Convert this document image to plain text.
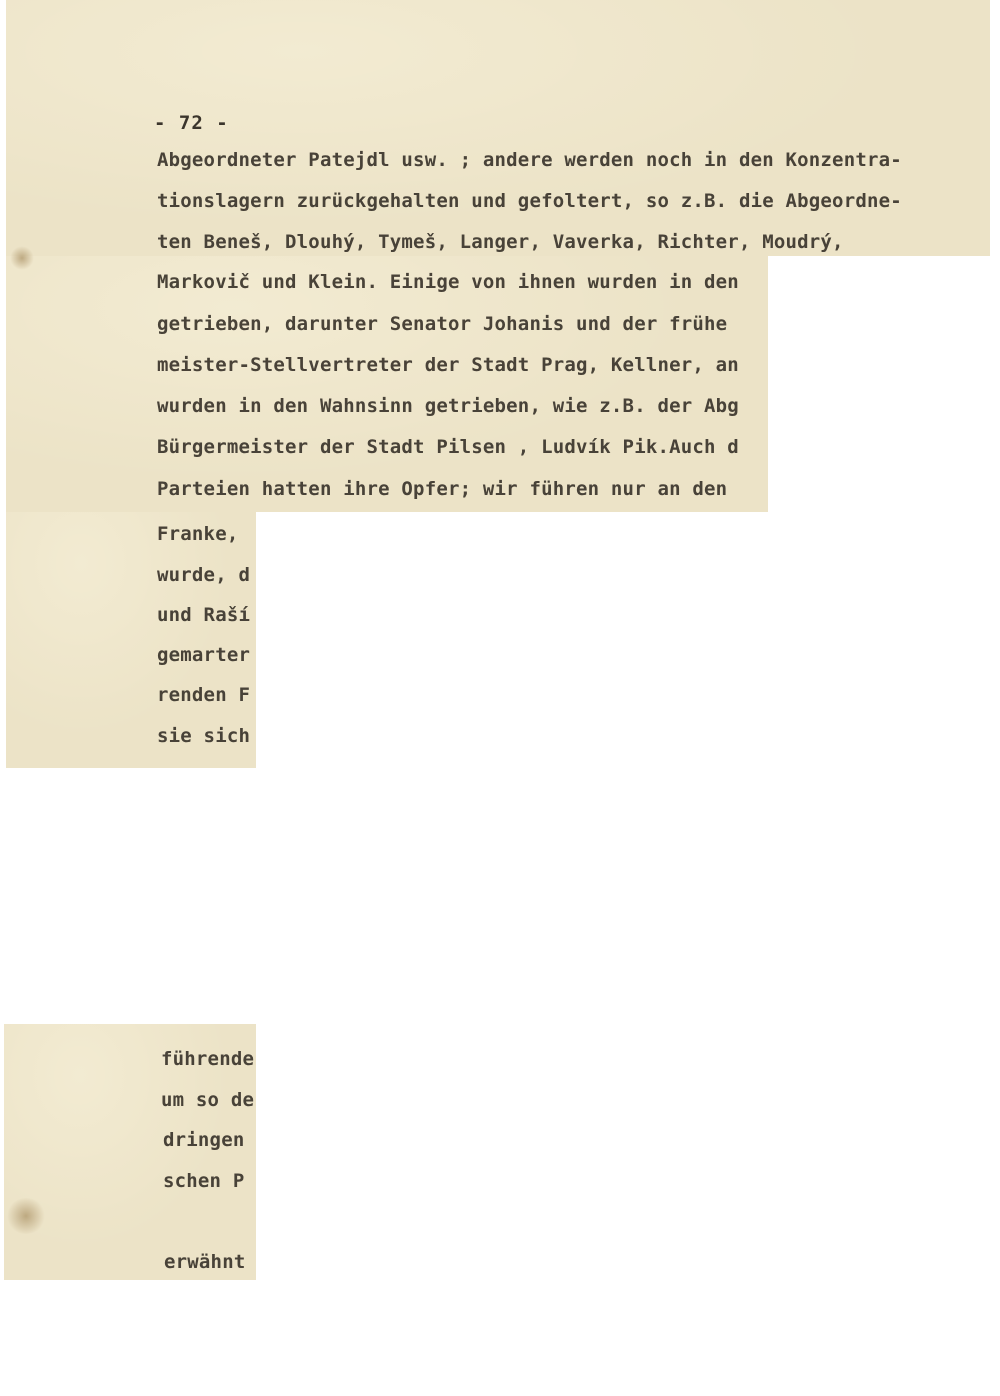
- 72 -
Abgeordneter Patejdl usw. ; andere werden noch in den Konzentra-
tionslagern zurückgehalten und gefoltert, so z.B. die Abgeordne-
ten Beneš, Dlouhý, Tymeš, Langer, Vaverka, Richter, Moudrý,
Markovič und Klein. Einige von ihnen wurden in den
getrieben, darunter Senator Johanis und der frühe
meister-Stellvertreter der Stadt Prag, Kellner, an
wurden in den Wahnsinn getrieben, wie z.B. der Abg
Bürgermeister der Stadt Pilsen , Ludvík Pik.Auch d
Parteien hatten ihre Opfer; wir führen nur an den
Franke,
wurde, d
und Raší
gemarter
renden F
sie sich
führende
um so de
dringen
schen P
erwähnt
